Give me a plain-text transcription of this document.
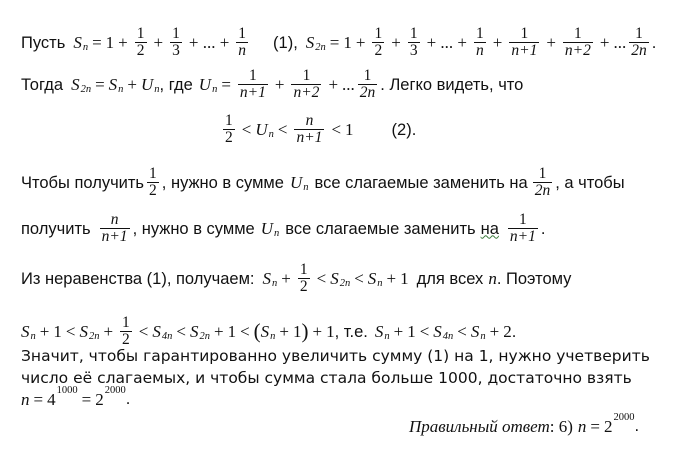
Пусть S $n = 1 + \frac{1}{2} + \frac{1}{3}$ + ... + $\frac{1}{n} (1)$, S $2n = 1 + \frac{1}{2} + \frac{1}{3}$ + ... + $\frac{1}{n} + \frac{1}{n+1} + \frac{1}{n+2}$ + ... $\frac{1}{2n}$ .
Тогда S 2n = S n + U n , где U $n = \frac{1}{n+1} + \frac{1}{n+2}$ + ... $\frac{1}{2n}$ . Легко видеть, что
$\frac{1}{2} < U$ $n < \frac{n}{n+1} < 1$ (2).
Чтобы получить $\frac{1}{2}$ , нужно в сумме U n все слагаемые заменить на $\frac{1}{2n}$ , а чтобы
получить $\frac{n}{n+1}$ , нужно в сумме U n все слагаемые заменить на $\frac{1}{n+1}$ .
Из неравенства (1), получаем: S $n + \frac{1}{2} < S$ 2n < S n + 1 для всех n . Поэтому
S n + 1 < S $2n + \frac{1}{2} < S$ 4n < S 2n + 1 < ( S n + 1 ) + 1 , т.е. S n + 1 < S 4n < S n + 2 .
Значит, чтобы гарантированно увеличить сумму (1) на 1, нужно учетверить
число её слагаемых, и чтобы сумма стала больше 1000, достаточно взять
n = 4 1000 = 2 2000 .
Правильный ответ : 6) n = 2 2000 .
